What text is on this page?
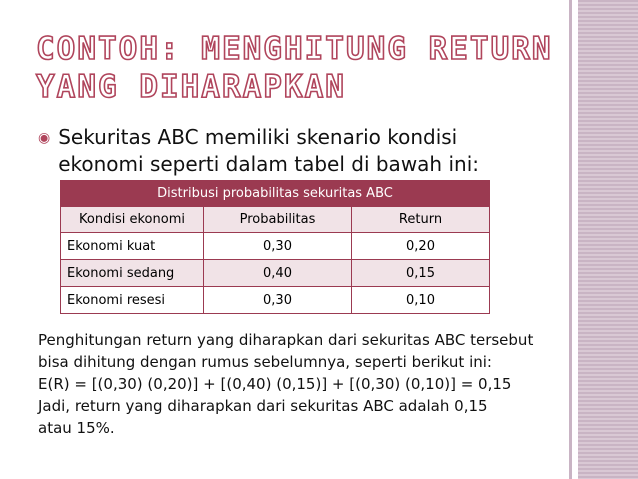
CONTOH: MENGHITUNG RETURN
YANG DIHARAPKAN
◉ Sekuritas ABC memiliki skenario kondisi
ekonomi seperti dalam tabel di bawah ini:
Distribusi probabilitas sekuritas ABC		
Kondisi ekonomi	Probabilitas	Return
Ekonomi kuat	0,30	0,20
Ekonomi sedang	0,40	0,15
Ekonomi resesi	0,30	0,10
Penghitungan return yang diharapkan dari sekuritas ABC tersebut
bisa dihitung dengan rumus sebelumnya, seperti berikut ini:
E(R) = [(0,30) (0,20)] + [(0,40) (0,15)] + [(0,30) (0,10)] = 0,15
Jadi, return yang diharapkan dari sekuritas ABC adalah 0,15
atau 15%.
